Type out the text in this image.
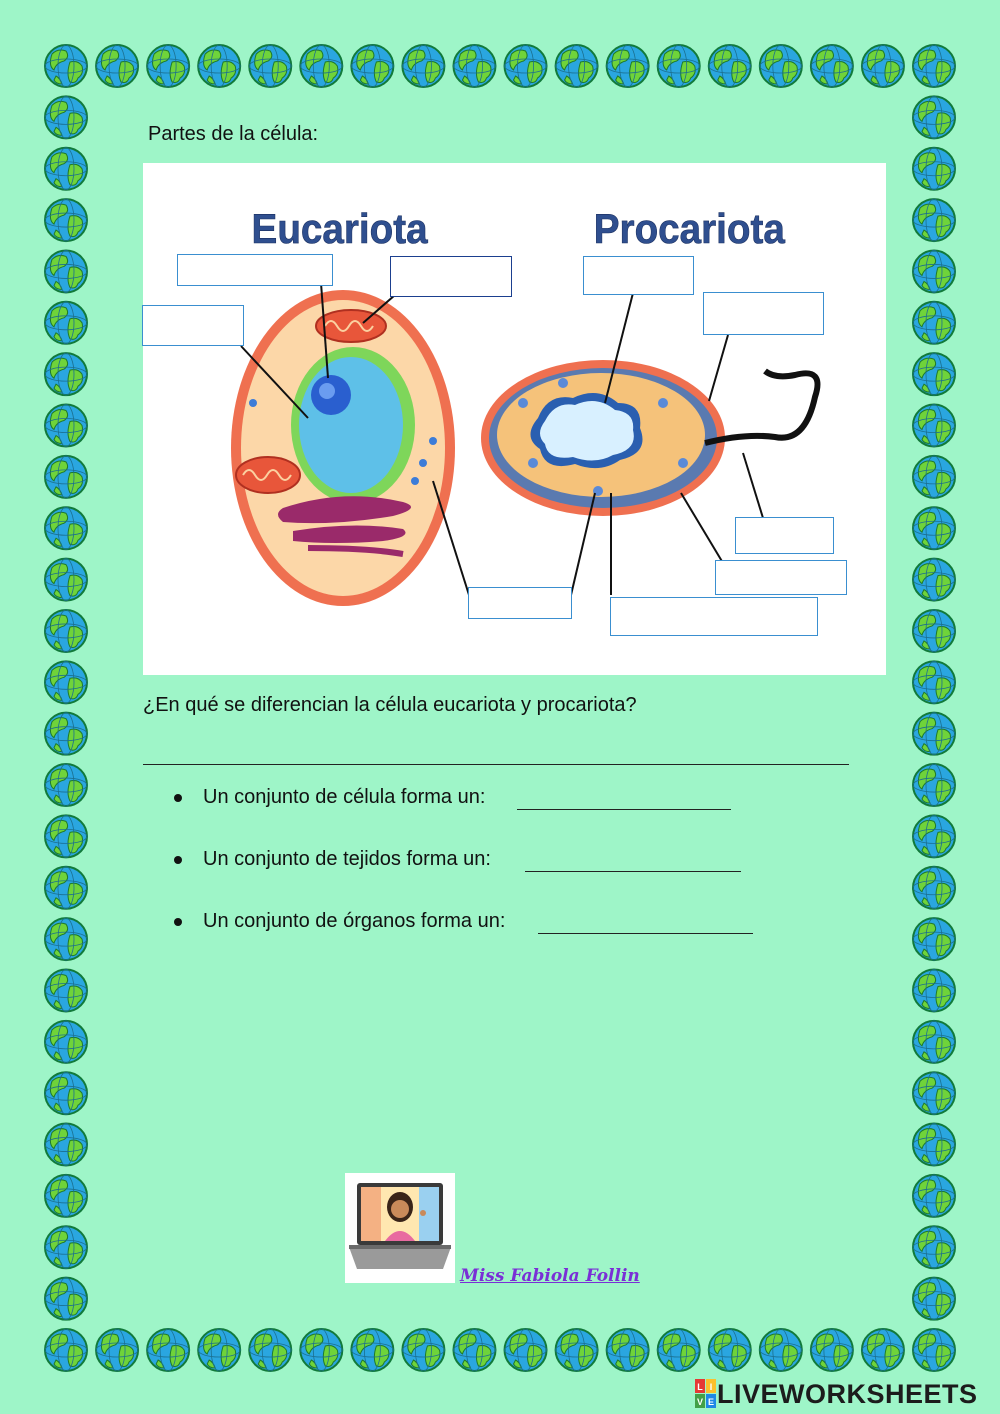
Partes de la célula:
Eucariota	Procariota
¿En qué se diferencian la célula eucariota y procariota?
Un conjunto de célula forma un:
Un conjunto de tejidos forma un:
Un conjunto de órganos forma un:
Miss Fabiola Follin
L I
V E LIVEWORKSHEETS
